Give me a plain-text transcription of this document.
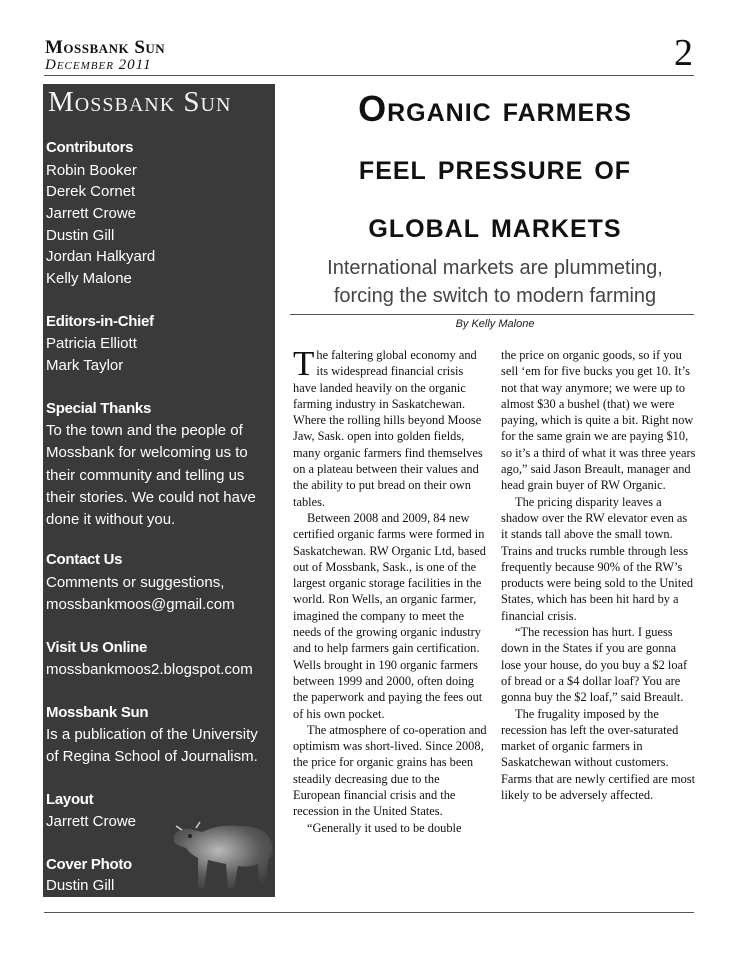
Mossbank Sun
December 2011	2
Mossbank Sun
Contributors
Robin Booker
Derek Cornet
Jarrett Crowe
Dustin Gill
Jordan Halkyard
Kelly Malone
Editors-in-Chief
Patricia Elliott
Mark Taylor
Special Thanks
To the town and the people of Mossbank for welcoming us to their community and telling us their stories. We could not have done it without you.
Contact Us
Comments or suggestions,
mossbankmoos@gmail.com
Visit Us Online
mossbankmoos2.blogspot.com
Mossbank Sun
Is a publication of the University of Regina School of Journalism.
Layout
Jarrett Crowe
Cover Photo
Dustin Gill
Organic farmers
feel pressure of
global markets
International markets are plummeting,
forcing the switch to modern farming
By Kelly Malone

The faltering global economy and its widespread financial crisis have landed heavily on the organic farming industry in Saskatchewan. Where the rolling hills beyond Moose Jaw, Sask. open into golden fields, many organic farmers find themselves on a plateau between their values and the ability to put bread on their own tables.

Between 2008 and 2009, 84 new certified organic farms were formed in Saskatchewan. RW Organic Ltd, based out of Mossbank, Sask., is one of the largest organic storage facilities in the world. Ron Wells, an organic farmer, imagined the company to meet the needs of the growing organic industry and to help farmers gain certification. Wells brought in 190 organic farmers between 1999 and 2000, often doing the paperwork and paying the fees out of his own pocket.

The atmosphere of co-operation and optimism was short-lived. Since 2008, the price for organic grains has been steadily decreasing due to the European financial crisis and the recession in the United States.

“Generally it used to be double

the price on organic goods, so if you sell ‘em for five bucks you get 10. It’s not that way anymore; we were up to almost $30 a bushel (that) we were paying, which is quite a bit. Right now for the same grain we are paying $10, so it’s a third of what it was three years ago,” said Jason Breault, manager and head grain buyer of RW Organic.

The pricing disparity leaves a shadow over the RW elevator even as it stands tall above the small town. Trains and trucks rumble through less frequently because 90% of the RW’s products were being sold to the United States, which has been hit hard by a financial crisis.

“The recession has hurt. I guess down in the States if you are gonna lose your house, do you buy a $2 loaf of bread or a $4 dollar loaf? You are gonna buy the $2 loaf,” said Breault.

The frugality imposed by the recession has left the over-saturated market of organic farmers in Saskatchewan without customers. Farms that are newly certified are most likely to be adversely affected.
